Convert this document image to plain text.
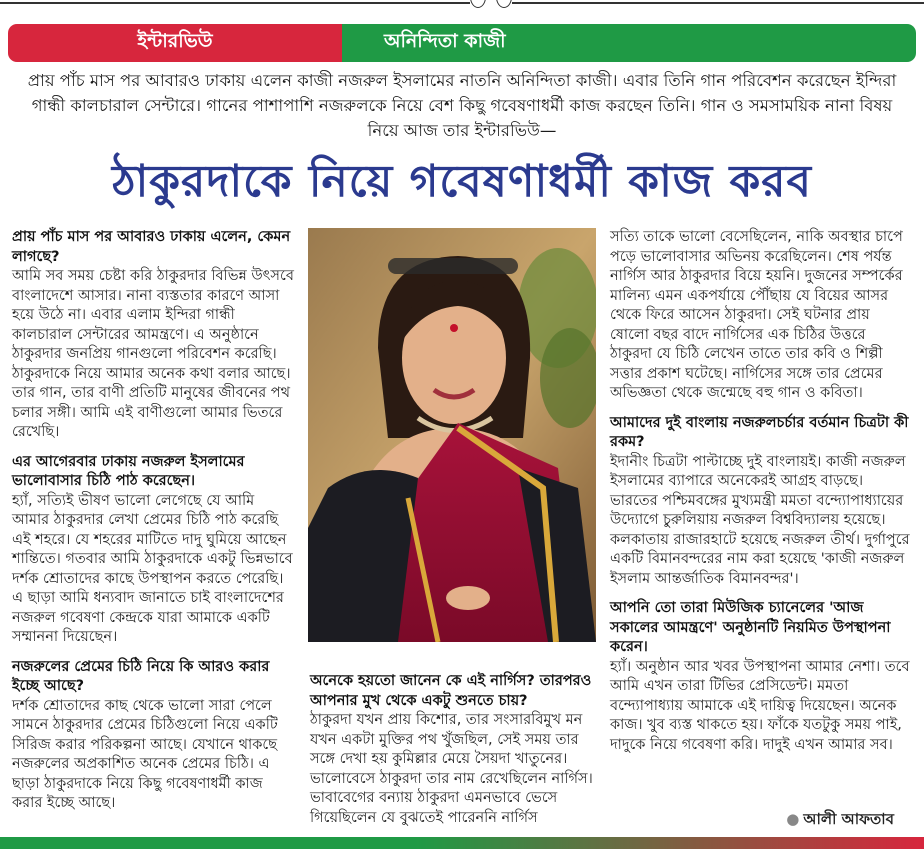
ইন্টারভিউ	অনিন্দিতা কাজী
প্রায় পাঁচ মাস পর আবারও ঢাকায় এলেন কাজী নজরুল ইসলামের নাতনি অনিন্দিতা কাজী। এবার তিনি গান পরিবেশন করেছেন ইন্দিরা গান্ধী কালচারাল সেন্টারে। গানের পাশাপাশি নজরুলকে নিয়ে বেশ কিছু গবেষণাধর্মী কাজ করছেন তিনি। গান ও সমসাময়িক নানা বিষয় নিয়ে আজ তার ইন্টারভিউ—
ঠাকুরদাকে নিয়ে গবেষণাধর্মী কাজ করব

প্রায় পাঁচ মাস পর আবারও ঢাকায় এলেন, কেমন লাগছে?

আমি সব সময় চেষ্টা করি ঠাকুরদার বিভিন্ন উৎসবে বাংলাদেশে আসার। নানা ব্যস্ততার কারণে আসা হয়ে উঠে না। এবার এলাম ইন্দিরা গান্ধী কালচারাল সেন্টারের আমন্ত্রণে। এ অনুষ্ঠানে ঠাকুরদার জনপ্রিয় গানগুলো পরিবেশন করেছি। ঠাকুরদাকে নিয়ে আমার অনেক কথা বলার আছে। তার গান, তার বাণী প্রতিটি মানুষের জীবনের পথ চলার সঙ্গী। আমি এই বাণীগুলো আমার ভিতরে রেখেছি।

এর আগেরবার ঢাকায় নজরুল ইসলামের ভালোবাসার চিঠি পাঠ করেছেন।

হ্যাঁ, সত্যিই ভীষণ ভালো লেগেছে যে আমি আমার ঠাকুরদার লেখা প্রেমের চিঠি পাঠ করেছি এই শহরে। যে শহরের মাটিতে দাদু ঘুমিয়ে আছেন শান্তিতে। গতবার আমি ঠাকুরদাকে একটু ভিন্নভাবে দর্শক শ্রোতাদের কাছে উপস্থাপন করতে পেরেছি। এ ছাড়া আমি ধন্যবাদ জানাতে চাই বাংলাদেশের নজরুল গবেষণা কেন্দ্রকে যারা আমাকে একটি সম্মাননা দিয়েছেন।

নজরুলের প্রেমের চিঠি নিয়ে কি আরও করার ইচ্ছে আছে?

দর্শক শ্রোতাদের কাছ থেকে ভালো সারা পেলে সামনে ঠাকুরদার প্রেমের চিঠিগুলো নিয়ে একটি সিরিজ করার পরিকল্পনা আছে। যেখানে থাকছে নজরুলের অপ্রকাশিত অনেক প্রেমের চিঠি। এ ছাড়া ঠাকুরদাকে নিয়ে কিছু গবেষণাধর্মী কাজ করার ইচ্ছে আছে।

অনেকে হয়তো জানেন কে এই নার্গিস? তারপরও আপনার মুখ থেকে একটু শুনতে চায়?

ঠাকুরদা যখন প্রায় কিশোর, তার সংসারবিমুখ মন যখন একটা মুক্তির পথ খুঁজছিল, সেই সময় তার সঙ্গে দেখা হয় কুমিল্লার মেয়ে সৈয়দা খাতুনের। ভালোবেসে ঠাকুরদা তার নাম রেখেছিলেন নার্গিস। ভাবাবেগের বন্যায় ঠাকুরদা এমনভাবে ভেসে গিয়েছিলেন যে বুঝতেই পারেননি নার্গিস

সত্যি তাকে ভালো বেসেছিলেন, নাকি অবস্থার চাপে পড়ে ভালোবাসার অভিনয় করেছিলেন। শেষ পর্যন্ত নার্গিস আর ঠাকুরদার বিয়ে হয়নি। দুজনের সম্পর্কের মালিন্য এমন একপর্যায়ে পৌঁছায় যে বিয়ের আসর থেকে ফিরে আসেন ঠাকুরদা। সেই ঘটনার প্রায় ষোলো বছর বাদে নার্গিসের এক চিঠির উত্তরে ঠাকুরদা যে চিঠি লেখেন তাতে তার কবি ও শিল্পী সত্তার প্রকাশ ঘটেছে। নার্গিসের সঙ্গে তার প্রেমের অভিজ্ঞতা থেকে জন্মেছে বহু গান ও কবিতা।

আমাদের দুই বাংলায় নজরুলচর্চার বর্তমান চিত্রটা কী রকম?

ইদানীং চিত্রটা পাল্টাচ্ছে দুই বাংলায়ই। কাজী নজরুল ইসলামের ব্যাপারে অনেকেরই আগ্রহ বাড়ছে। ভারতের পশ্চিমবঙ্গের মুখ্যমন্ত্রী মমতা বন্দ্যোপাধ্যায়ের উদ্যোগে চুরুলিয়ায় নজরুল বিশ্ববিদ্যালয় হয়েছে। কলকাতায় রাজারহাটে হয়েছে নজরুল তীর্থ। দুর্গাপুরে একটি বিমানবন্দরের নাম করা হয়েছে 'কাজী নজরুল ইসলাম আন্তর্জাতিক বিমানবন্দর'।

আপনি তো তারা মিউজিক চ্যানেলের 'আজ সকালের আমন্ত্রণে' অনুষ্ঠানটি নিয়মিত উপস্থাপনা করেন।

হ্যাঁ। অনুষ্ঠান আর খবর উপস্থাপনা আমার নেশা। তবে আমি এখন তারা টিভির প্রেসিডেন্ট। মমতা বন্দ্যোপাধ্যায় আমাকে এই দায়িত্ব দিয়েছেন। অনেক কাজ। খুব ব্যস্ত থাকতে হয়। ফাঁকে যতটুকু সময় পাই, দাদুকে নিয়ে গবেষণা করি। দাদুই এখন আমার সব।

● আলী আফতাব
